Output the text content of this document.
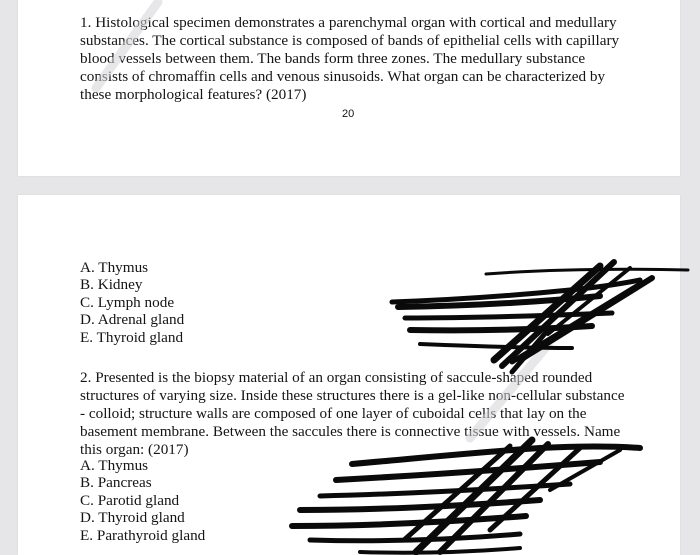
1. Histological specimen demonstrates a parenchymal organ with cortical and medullary substances. The cortical substance is composed of bands of epithelial cells with capillary blood vessels between them. The bands form three zones. The medullary substance consists of chromaffin cells and venous sinusoids. What organ can be characterized by these morphological features? (2017)
20
A. Thymus
B. Kidney
C. Lymph node
D. Adrenal gland
E. Thyroid gland
2. Presented is the biopsy material of an organ consisting of saccule-shaped rounded structures of varying size. Inside these structures there is a gel-like non-cellular substance - colloid; structure walls are composed of one layer of cuboidal cells that lay on the basement membrane. Between the saccules there is connective tissue with vessels. Name this organ: (2017)
A. Thymus
B. Pancreas
C. Parotid gland
D. Thyroid gland
E. Parathyroid gland
